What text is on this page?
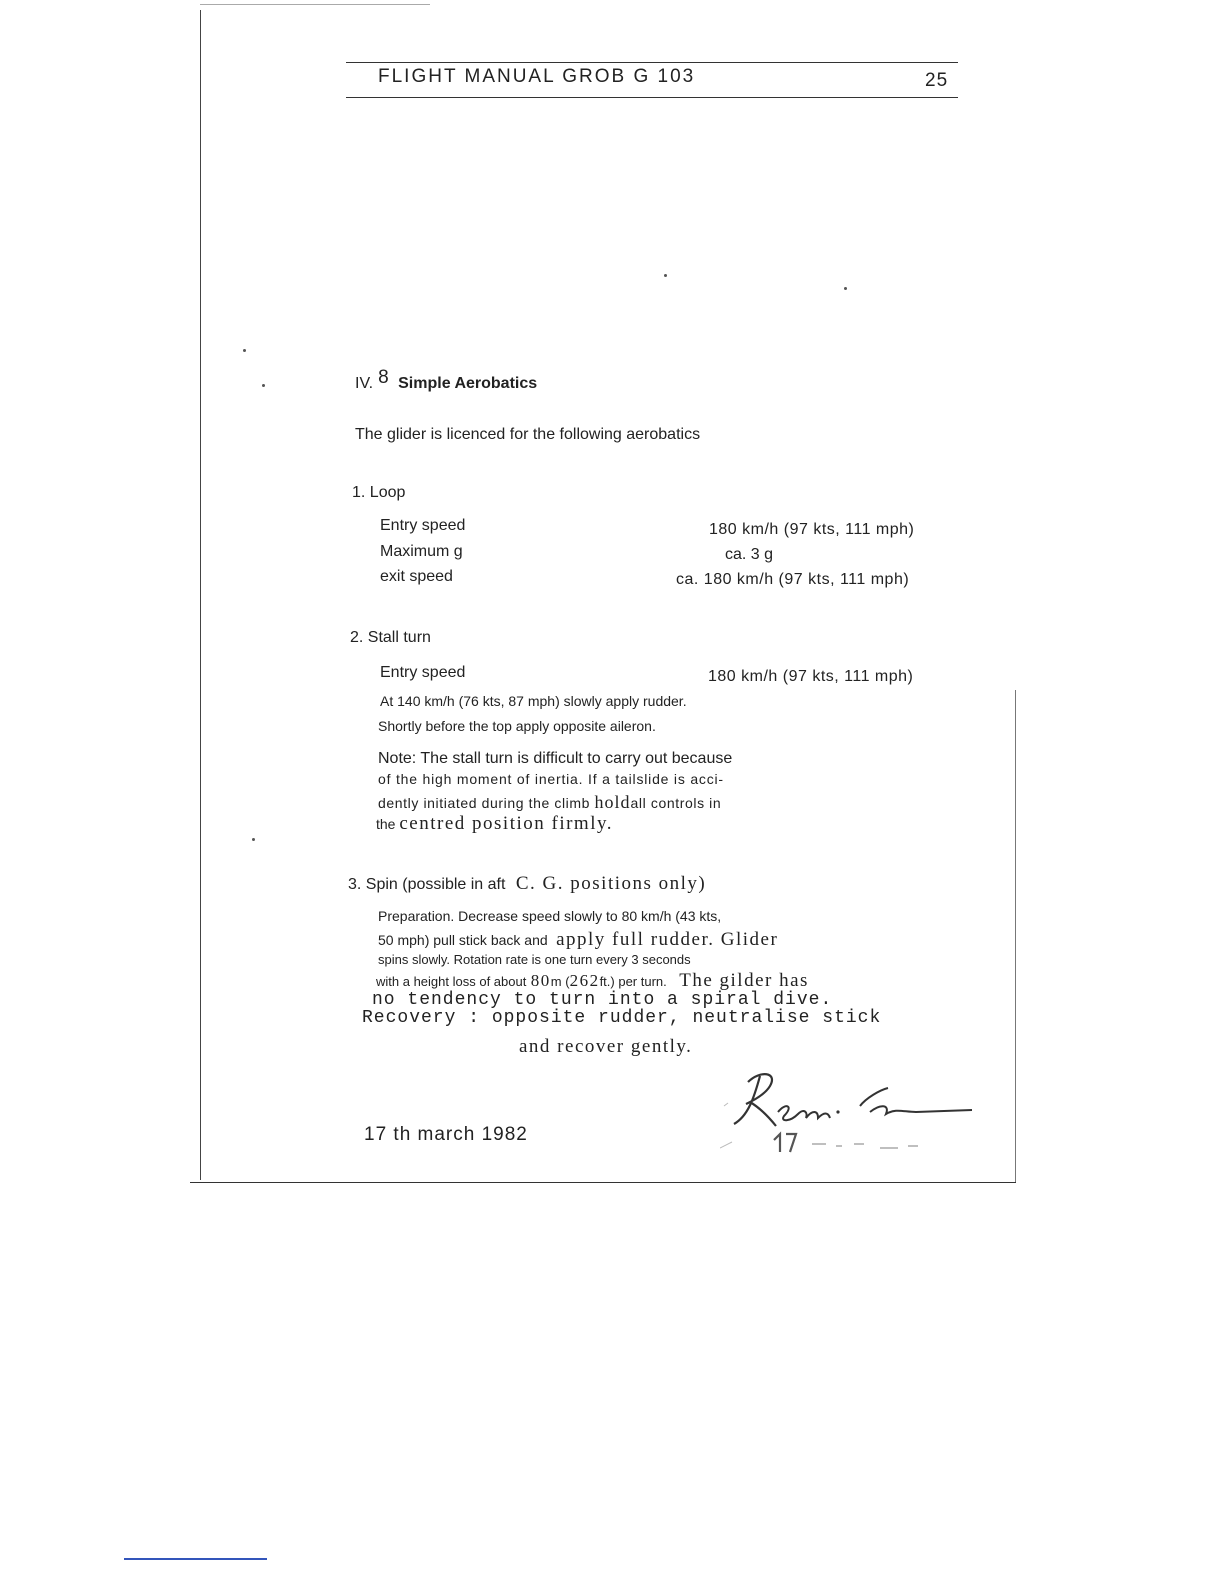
FLIGHT MANUAL GROB G 103	25
IV. 8 Simple Aerobatics
The glider is licenced for the following aerobatics
1. Loop
Entry speed	180 km/h (97 kts, 111 mph)
Maximum g	ca. 3 g
exit speed	ca. 180 km/h (97 kts, 111 mph)
2. Stall turn
Entry speed	180 km/h (97 kts, 111 mph)
At 140 km/h (76 kts, 87 mph) slowly apply rudder.
Shortly before the top apply opposite aileron.
Note: The stall turn is difficult to carry out because
of the high moment of inertia. If a tailslide is acci-
dently initiated during the climb holdall controls in
the centred position firmly.
3. Spin (possible in aft C. G. positions only)
Preparation. Decrease speed slowly to 80 km/h (43 kts,
50 mph) pull stick back and apply full rudder. Glider
spins slowly. Rotation rate is one turn every 3 seconds
with a height loss of about 80m (262ft.) per turn. The gilder has
no tendency to turn into a spiral dive.
Recovery : opposite rudder, neutralise stick
and recover gently.
17 th march 1982
